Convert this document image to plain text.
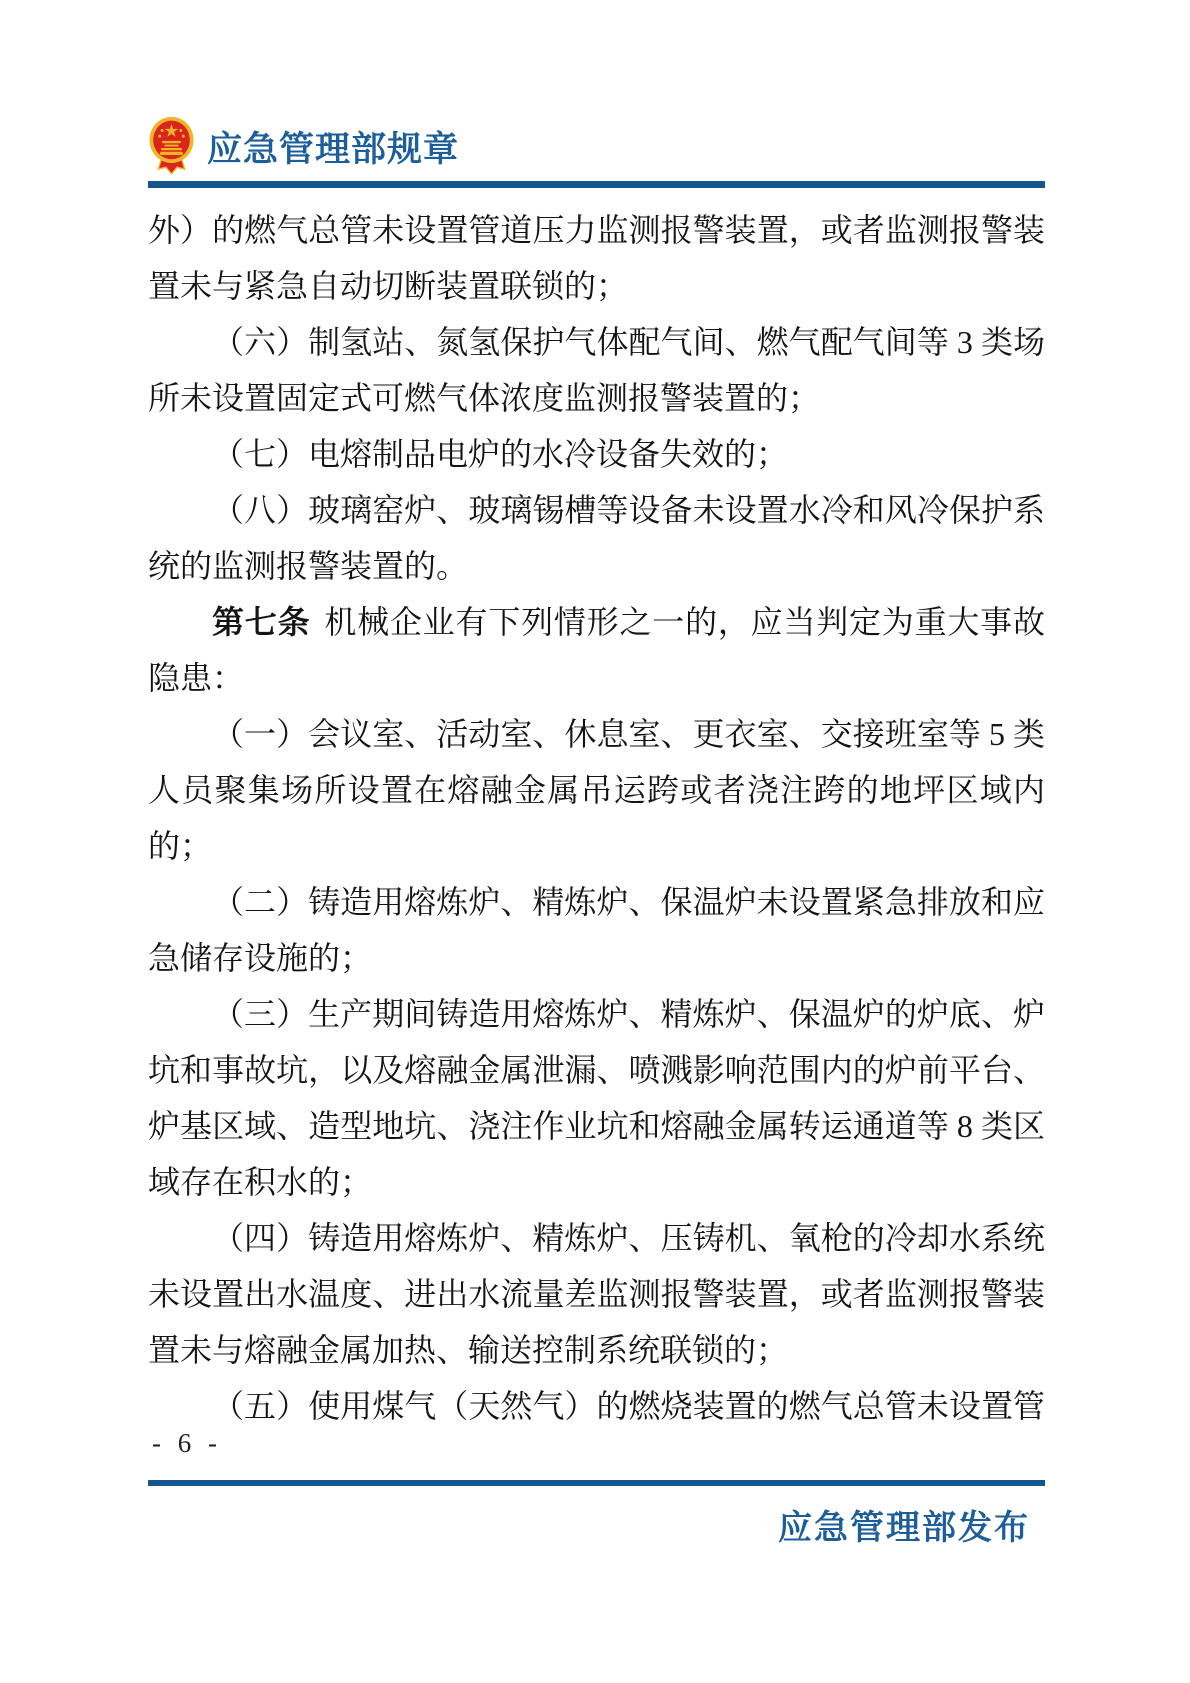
应急管理部规章
外）的燃气总管未设置管道压力监测报警装置，或者监测报警装
置未与紧急自动切断装置联锁的；
（六）制氢站、氮氢保护气体配气间、燃气配气间等 3 类场
所未设置固定式可燃气体浓度监测报警装置的；
（七）电熔制品电炉的水冷设备失效的；
（八）玻璃窑炉、玻璃锡槽等设备未设置水冷和风冷保护系
统的监测报警装置的。
第七条 机械企业有下列情形之一的，应当判定为重大事故
隐患：
（一）会议室、活动室、休息室、更衣室、交接班室等 5 类
人员聚集场所设置在熔融金属吊运跨或者浇注跨的地坪区域内
的；
（二）铸造用熔炼炉、精炼炉、保温炉未设置紧急排放和应
急储存设施的；
（三）生产期间铸造用熔炼炉、精炼炉、保温炉的炉底、炉
坑和事故坑，以及熔融金属泄漏、喷溅影响范围内的炉前平台、
炉基区域、造型地坑、浇注作业坑和熔融金属转运通道等 8 类区
域存在积水的；
（四）铸造用熔炼炉、精炼炉、压铸机、氧枪的冷却水系统
未设置出水温度、进出水流量差监测报警装置，或者监测报警装
置未与熔融金属加热、输送控制系统联锁的；
（五）使用煤气（天然气）的燃烧装置的燃气总管未设置管
- 6 -
应急管理部发布
